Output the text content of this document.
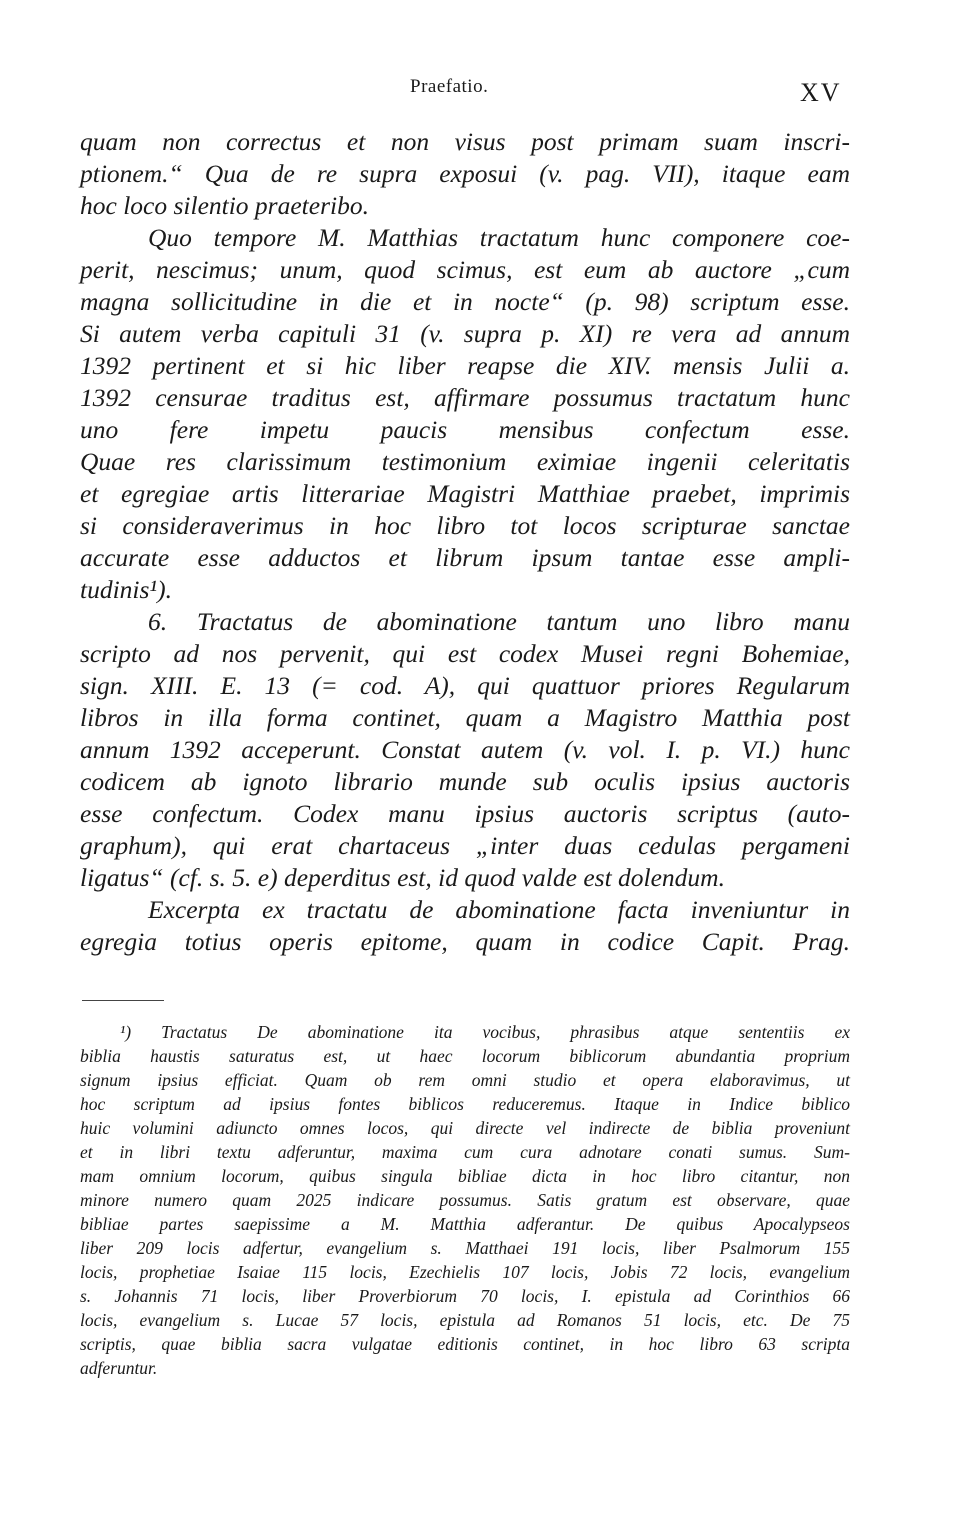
Praefatio.	XV
quam non correctus et non visus post primam suam inscri-
ptionem.“ Qua de re supra exposui (v. pag. VII), itaque eam
hoc loco silentio praeteribo.
Quo tempore M. Matthias tractatum hunc componere coe-
perit, nescimus; unum, quod scimus, est eum ab auctore „cum
magna sollicitudine in die et in nocte“ (p. 98) scriptum esse.
Si autem verba capituli 31 (v. supra p. XI) re vera ad annum
1392 pertinent et si hic liber reapse die XIV. mensis Julii a.
1392 censurae traditus est, affirmare possumus tractatum hunc
uno fere impetu paucis mensibus confectum esse.
Quae res clarissimum testimonium eximiae ingenii celeritatis
et egregiae artis litterariae Magistri Matthiae praebet, imprimis
si consideraverimus in hoc libro tot locos scripturae sanctae
accurate esse adductos et librum ipsum tantae esse ampli-
tudinis¹).
6. Tractatus de abominatione tantum uno libro manu
scripto ad nos pervenit, qui est codex Musei regni Bohemiae,
sign. XIII. E. 13 (= cod. A), qui quattuor priores Regularum
libros in illa forma continet, quam a Magistro Matthia post
annum 1392 acceperunt. Constat autem (v. vol. I. p. VI.) hunc
codicem ab ignoto librario munde sub oculis ipsius auctoris
esse confectum. Codex manu ipsius auctoris scriptus (auto-
graphum), qui erat chartaceus „inter duas cedulas pergameni
ligatus“ (cf. s. 5. e) deperditus est, id quod valde est dolendum.
Excerpta ex tractatu de abominatione facta inveniuntur in
egregia totius operis epitome, quam in codice Capit. Prag.
¹) Tractatus De abominatione ita vocibus, phrasibus atque sententiis ex
biblia haustis saturatus est, ut haec locorum biblicorum abundantia proprium
signum ipsius efficiat. Quam ob rem omni studio et opera elaboravimus, ut
hoc scriptum ad ipsius fontes biblicos reduceremus. Itaque in Indice biblico
huic volumini adiuncto omnes locos, qui directe vel indirecte de biblia proveniunt
et in libri textu adferuntur, maxima cum cura adnotare conati sumus. Sum-
mam omnium locorum, quibus singula bibliae dicta in hoc libro citantur, non
minore numero quam 2025 indicare possumus. Satis gratum est observare, quae
bibliae partes saepissime a M. Matthia adferantur. De quibus Apocalypseos
liber 209 locis adfertur, evangelium s. Matthaei 191 locis, liber Psalmorum 155
locis, prophetiae Isaiae 115 locis, Ezechielis 107 locis, Jobis 72 locis, evangelium
s. Johannis 71 locis, liber Proverbiorum 70 locis, I. epistula ad Corinthios 66
locis, evangelium s. Lucae 57 locis, epistula ad Romanos 51 locis, etc. De 75
scriptis, quae biblia sacra vulgatae editionis continet, in hoc libro 63 scripta
adferuntur.
